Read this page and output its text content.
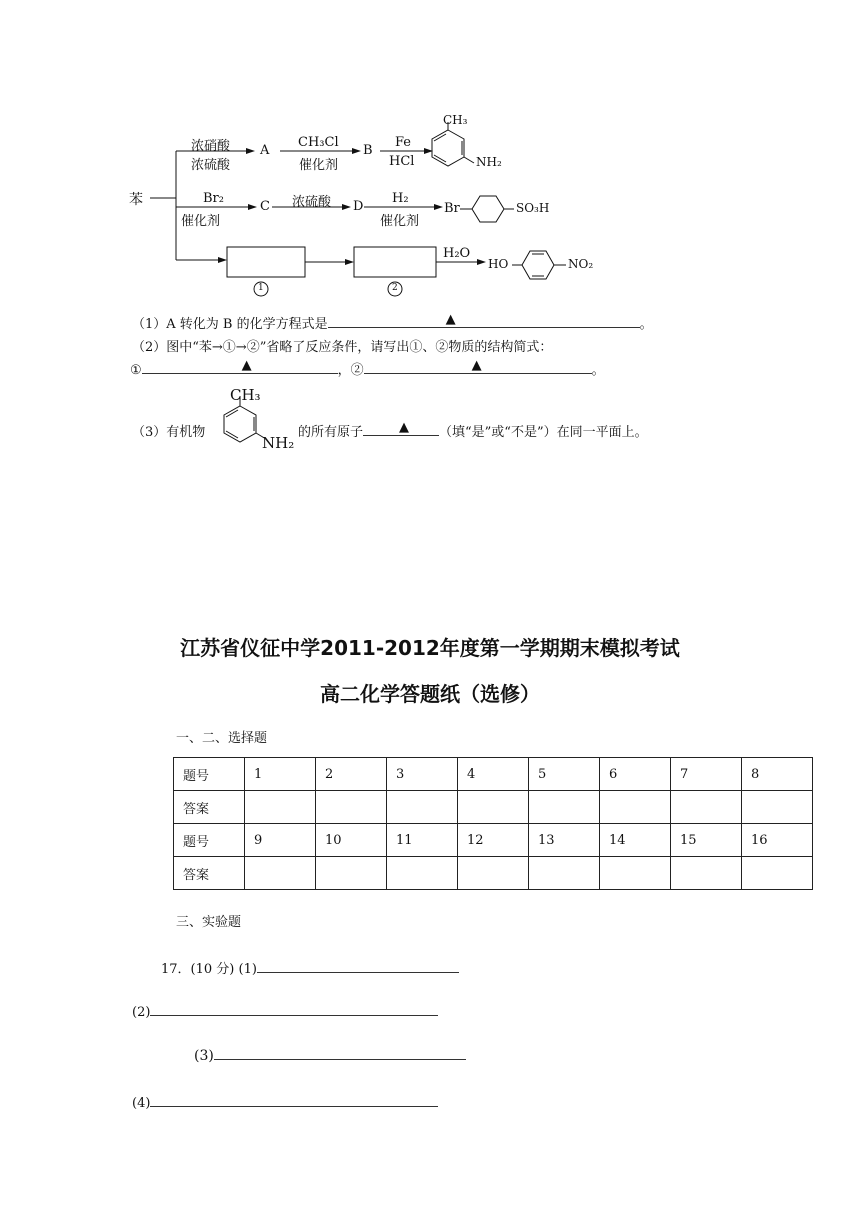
苯
浓硝酸
浓硫酸
A
CH₃Cl
催化剂
B
Fe
HCl
CH₃
NH₂
Br₂
催化剂
C 浓硫酸 D
H₂
催化剂
Br	SO₃H
1	2
H₂O
HO	NO₂
（1）A 转化为 B 的化学方程式是	▲	。
（2）图中“苯→①→②”省略了反应条件，请写出①、②物质的结构简式：
①	▲	，②	▲	。
CH₃
NH₂
（3）有机物	的所有原子	▲ （填“是”或“不是”）在同一平面上。
江苏省仪征中学2011-2012年度第一学期期末模拟考试
高二化学答题纸（选修）
一、二、选择题
题号	1	2	3	4	5	6	7	8
答案								
题号	9	10	11	12	13	14	15	16
答案								
三、实验题
17．(10 分) (1)
(2)
(3)
(4)
